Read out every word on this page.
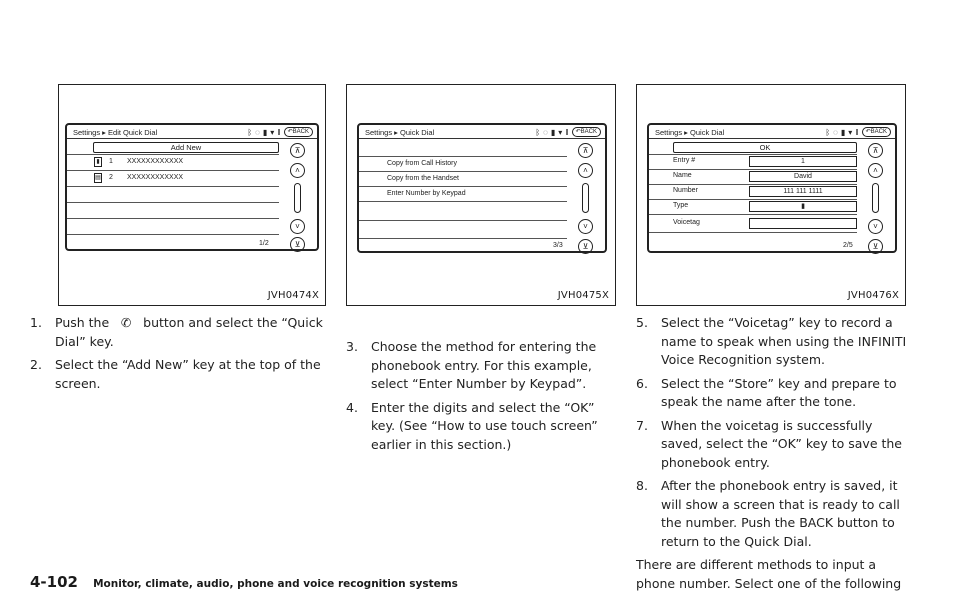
Settings ▸ Edit Quick Dial	ᛒ ◌ ▮ ▾ ‖	↶BACK
Add New
▮	1 XXXXXXXXXXXX
▤ 2 XXXXXXXXXXXX
1/2
⊼
˄
˅
⊻
JVH0474X
Settings ▸ Quick Dial	ᛒ ◌ ▮ ▾ ‖	↶BACK
Copy from Call History
Copy from the Handset
Enter Number by Keypad
3/3
⊼
˄
˅
⊻
JVH0475X
Settings ▸ Quick Dial	ᛒ ◌ ▮ ▾ ‖	↶BACK
OK
Entry #	1
Name	David
Number	111 111 1111
Type	▮
Voicetag
2/5
⊼
˄
˅
⊻
JVH0476X
1. Push the ✆ button and select the “Quick Dial” key.
2. Select the “Add New” key at the top of the screen.
3. Choose the method for entering the phonebook entry. For this example, select “Enter Number by Keypad”.
4. Enter the digits and select the “OK” key. (See “How to use touch screen” earlier in this section.)
5. Select the “Voicetag” key to record a name to speak when using the INFINITI Voice Recognition system.
6. Select the “Store” key and prepare to speak the name after the tone.
7. When the voicetag is successfully saved, select the “OK” key to save the phonebook entry.
8. After the phonebook entry is saved, it will show a screen that is ready to call the number. Push the BACK button to return to the Quick Dial.
There are different methods to input a phone number. Select one of the following
4-102 Monitor, climate, audio, phone and voice recognition systems
